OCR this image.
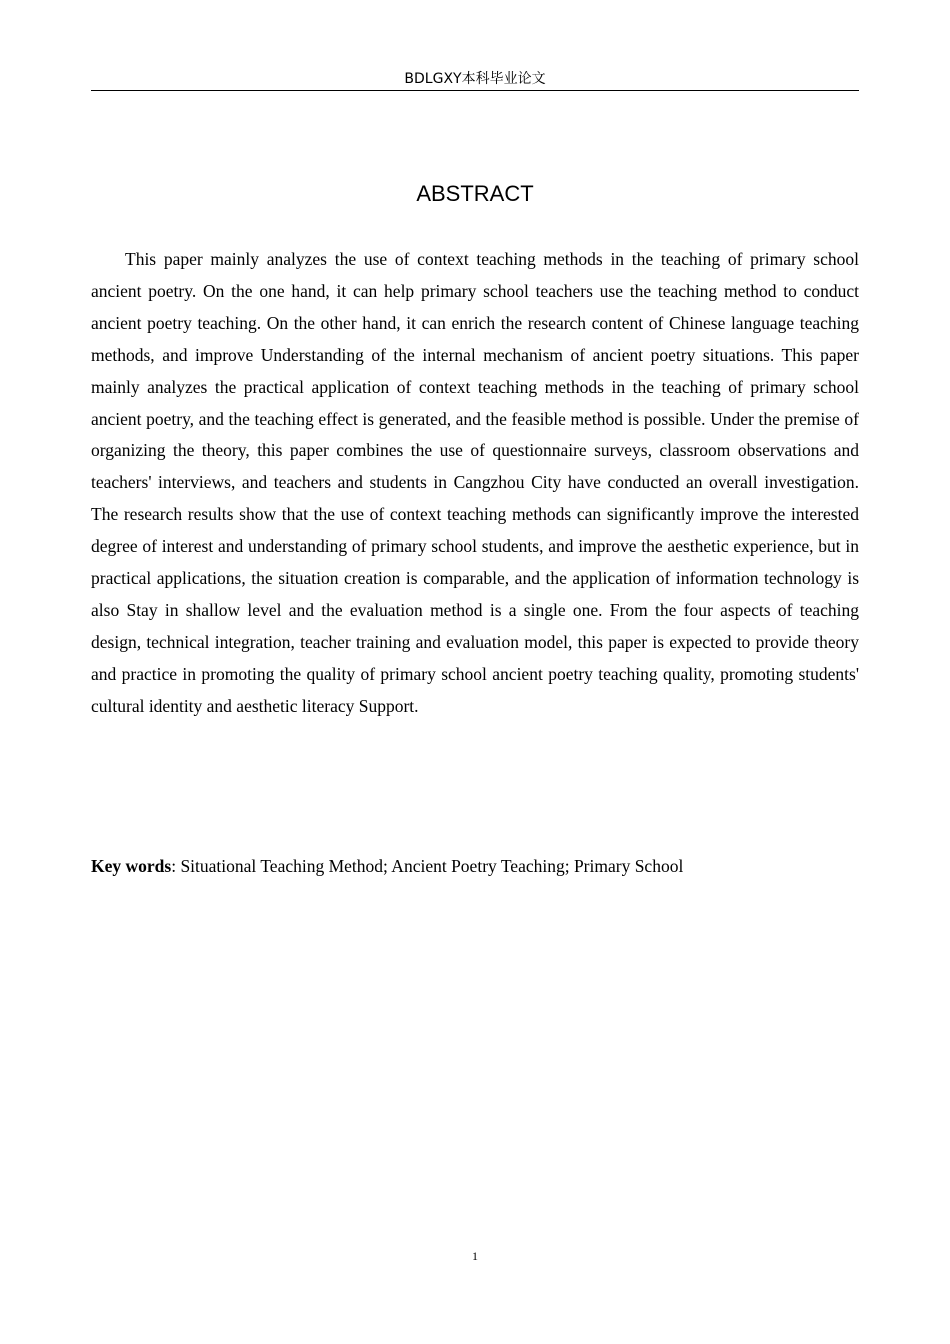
BDLGXY本科毕业论文
ABSTRACT

This paper mainly analyzes the use of context teaching methods in the teaching of primary school ancient poetry. On the one hand, it can help primary school teachers use the teaching method to conduct ancient poetry teaching. On the other hand, it can enrich the research content of Chinese language teaching methods, and improve Understanding of the internal mechanism of ancient poetry situations. This paper mainly analyzes the practical application of context teaching methods in the teaching of primary school ancient poetry, and the teaching effect is generated, and the feasible method is possible. Under the premise of organizing the theory, this paper combines the use of questionnaire surveys, classroom observations and teachers' interviews, and teachers and students in Cangzhou City have conducted an overall investigation. The research results show that the use of context teaching methods can significantly improve the interested degree of interest and understanding of primary school students, and improve the aesthetic experience, but in practical applications, the situation creation is comparable, and the application of information technology is also Stay in shallow level and the evaluation method is a single one. From the four aspects of teaching design, technical integration, teacher training and evaluation model, this paper is expected to provide theory and practice in promoting the quality of primary school ancient poetry teaching quality, promoting students' cultural identity and aesthetic literacy Support.

Key words: Situational Teaching Method; Ancient Poetry Teaching; Primary School

1
